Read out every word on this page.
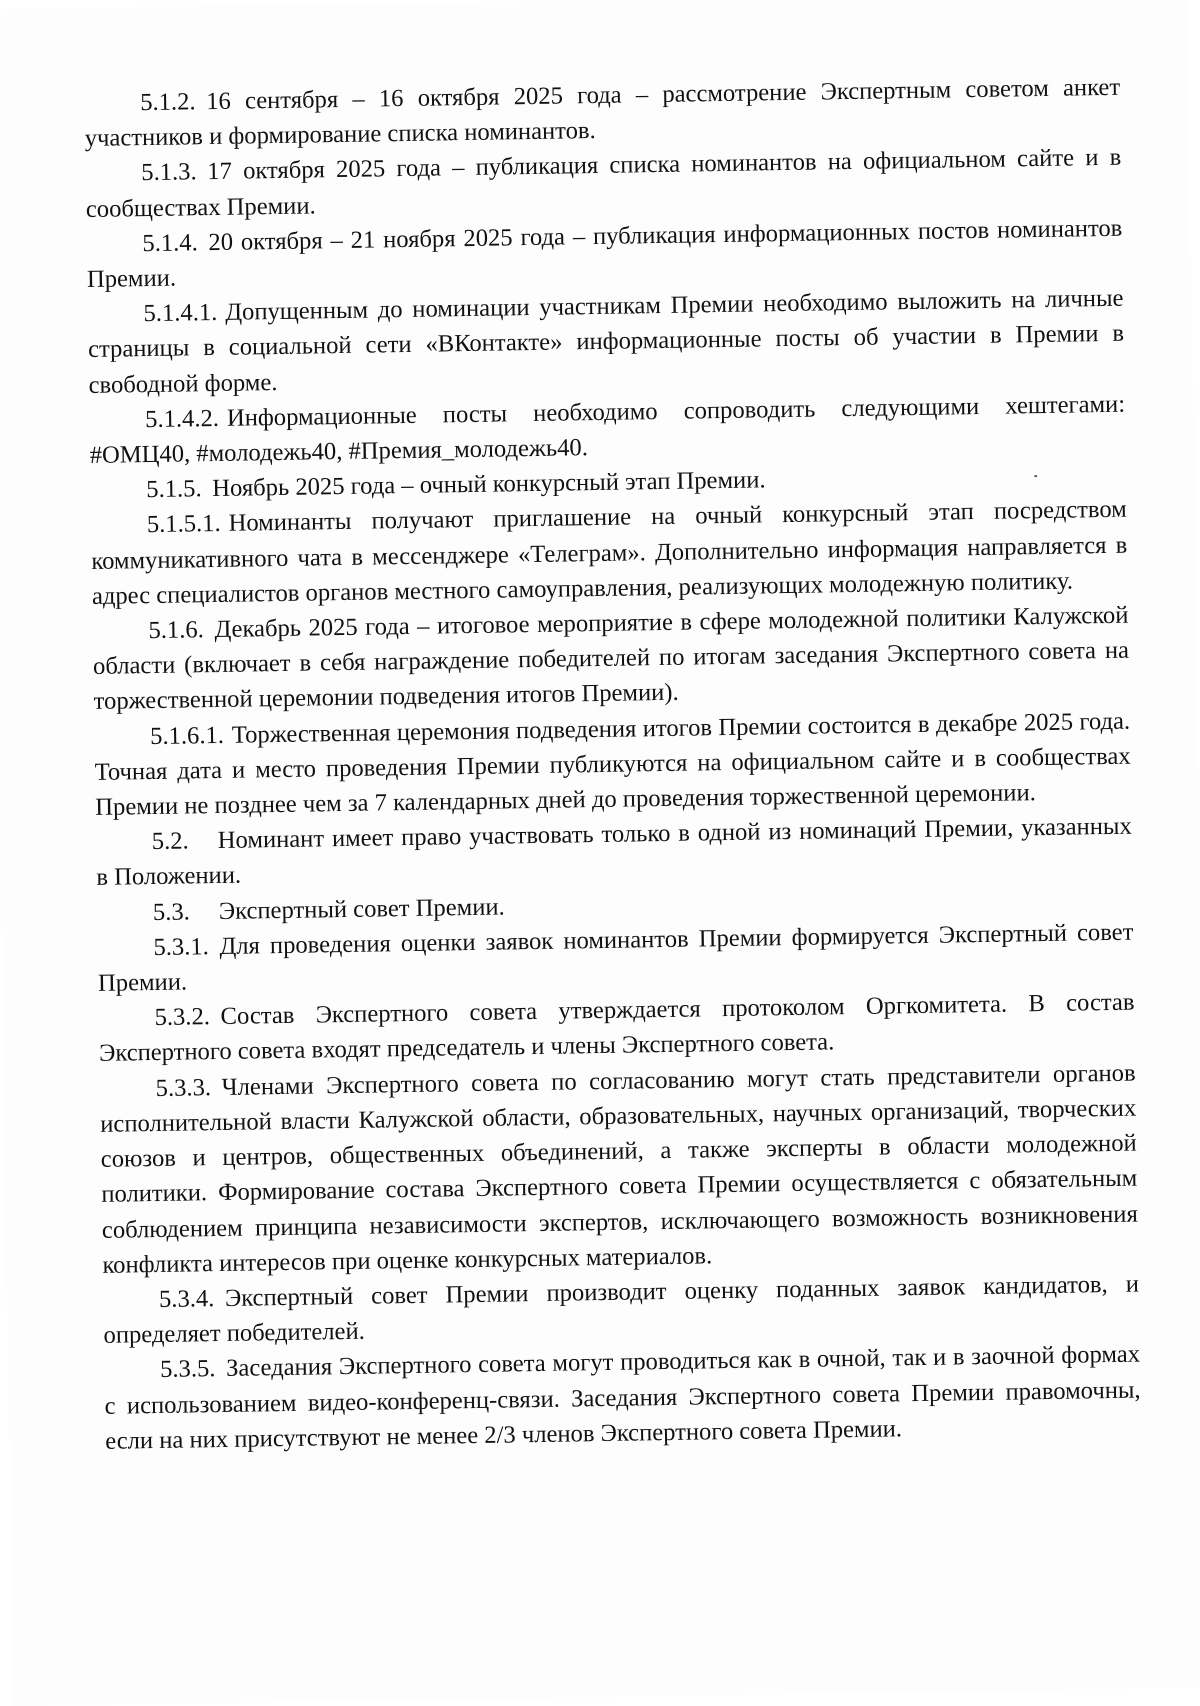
5.1.2. 16 сентября – 16 октября 2025 года – рассмотрение Экспертным советом анкет участников и формирование списка номинантов.

5.1.3. 17 октября 2025 года – публикация списка номинантов на официальном сайте и в сообществах Премии.

5.1.4. 20 октября – 21 ноября 2025 года – публикация информационных постов номинантов Премии.

5.1.4.1. Допущенным до номинации участникам Премии необходимо выложить на личные страницы в социальной сети «ВКонтакте» информационные посты об участии в Премии в свободной форме.

5.1.4.2. Информационные посты необходимо сопроводить следующими хештегами: #ОМЦ40, #молодежь40, #Премия_молодежь40.

5.1.5. Ноябрь 2025 года – очный конкурсный этап Премии.

5.1.5.1. Номинанты получают приглашение на очный конкурсный этап посредством коммуникативного чата в мессенджере «Телеграм». Дополнительно информация направляется в адрес специалистов органов местного самоуправления, реализующих молодежную политику.

5.1.6. Декабрь 2025 года – итоговое мероприятие в сфере молодежной политики Калужской области (включает в себя награждение победителей по итогам заседания Экспертного совета на торжественной церемонии подведения итогов Премии).

5.1.6.1. Торжественная церемония подведения итогов Премии состоится в декабре 2025 года. Точная дата и место проведения Премии публикуются на официальном сайте и в сообществах Премии не позднее чем за 7 календарных дней до проведения торжественной церемонии.

5.2. Номинант имеет право участвовать только в одной из номинаций Премии, указанных в Положении.

5.3. Экспертный совет Премии.

5.3.1. Для проведения оценки заявок номинантов Премии формируется Экспертный совет Премии.

5.3.2. Состав Экспертного совета утверждается протоколом Оргкомитета. В состав Экспертного совета входят председатель и члены Экспертного совета.

5.3.3. Членами Экспертного совета по согласованию могут стать представители органов исполнительной власти Калужской области, образовательных, научных организаций, творческих союзов и центров, общественных объединений, а также эксперты в области молодежной политики. Формирование состава Экспертного совета Премии осуществляется с обязательным соблюдением принципа независимости экспертов, исключающего возможность возникновения конфликта интересов при оценке конкурсных материалов.

5.3.4. Экспертный совет Премии производит оценку поданных заявок кандидатов, и определяет победителей.

5.3.5. Заседания Экспертного совета могут проводиться как в очной, так и в заочной формах с использованием видео-конференц-связи. Заседания Экспертного совета Премии правомочны, если на них присутствуют не менее 2/3 членов Экспертного совета Премии.
